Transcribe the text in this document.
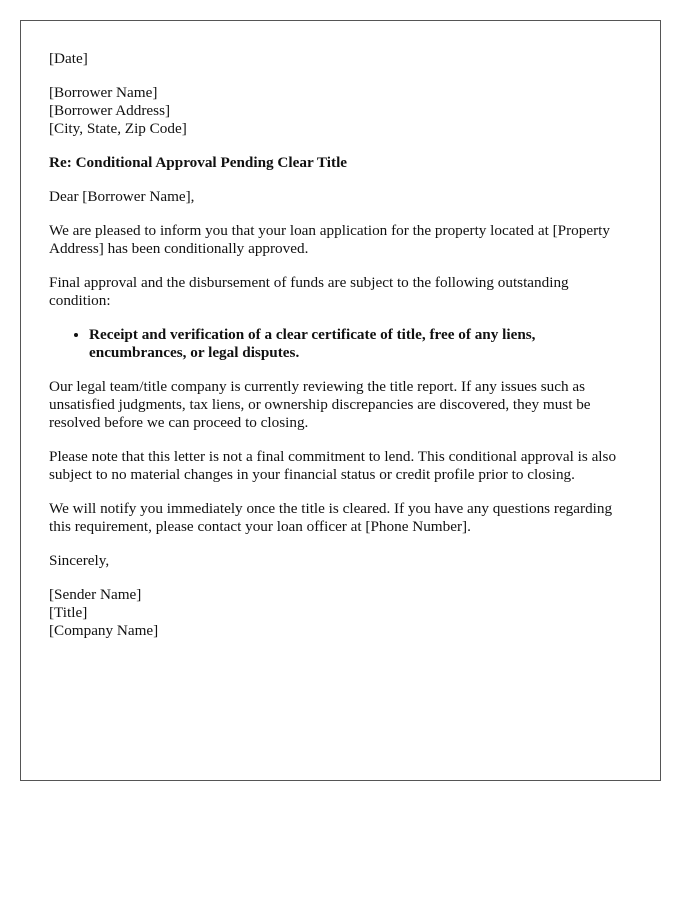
[Date]

[Borrower Name]
[Borrower Address]
[City, State, Zip Code]

Re: Conditional Approval Pending Clear Title

Dear [Borrower Name],

We are pleased to inform you that your loan application for the property located at [Property Address] has been conditionally approved.

Final approval and the disbursement of funds are subject to the following outstanding condition:

• Receipt and verification of a clear certificate of title, free of any liens, encumbrances, or legal disputes.

Our legal team/title company is currently reviewing the title report. If any issues such as unsatisfied judgments, tax liens, or ownership discrepancies are discovered, they must be resolved before we can proceed to closing.

Please note that this letter is not a final commitment to lend. This conditional approval is also subject to no material changes in your financial status or credit profile prior to closing.

We will notify you immediately once the title is cleared. If you have any questions regarding this requirement, please contact your loan officer at [Phone Number].

Sincerely,

[Sender Name]
[Title]
[Company Name]
